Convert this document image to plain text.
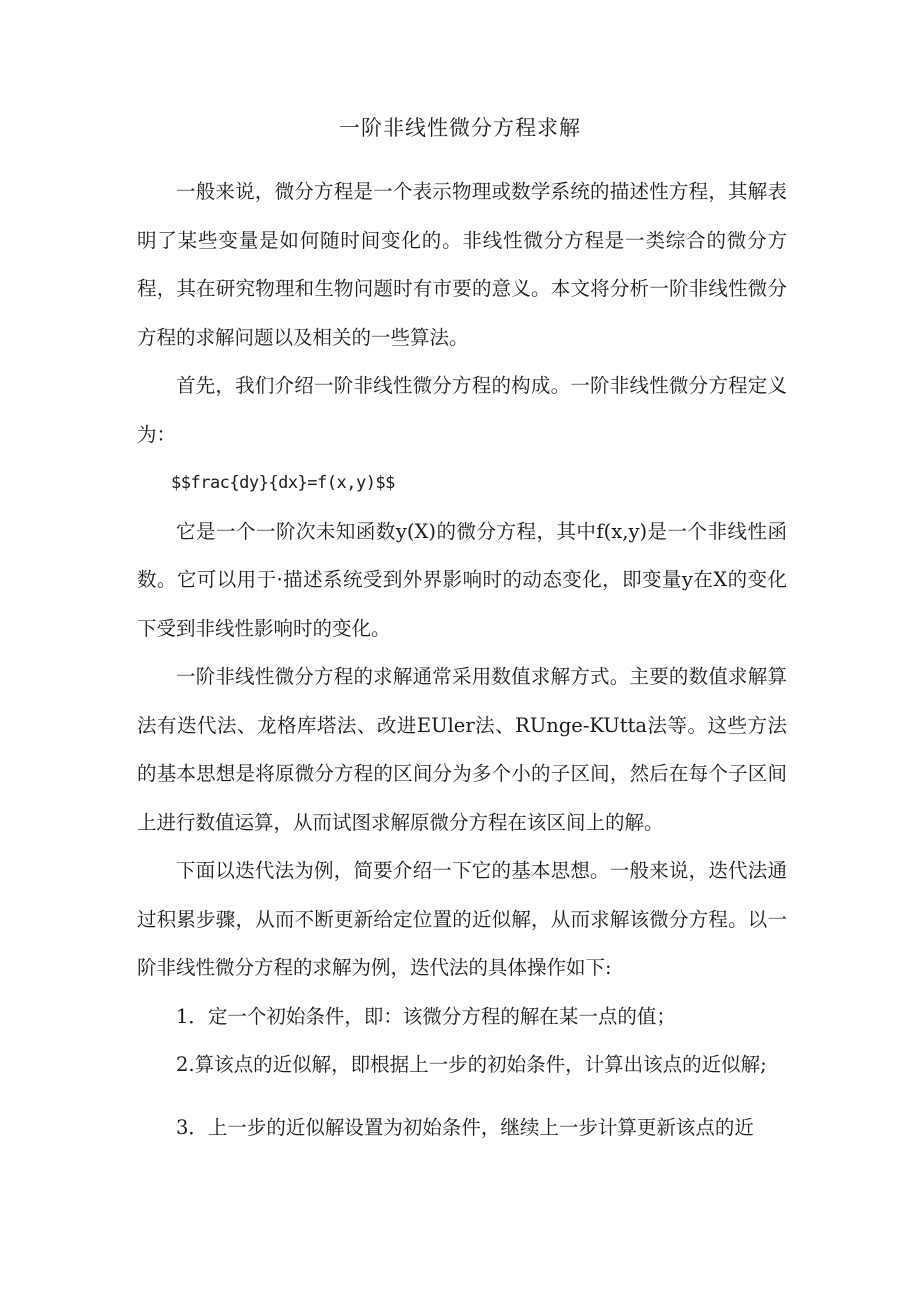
一阶非线性微分方程求解

一般来说，微分方程是一个表示物理或数学系统的描述性方程，其解表明了某些变量是如何随时间变化的。非线性微分方程是一类综合的微分方程，其在研究物理和生物问题时有市要的意义。本文将分析一阶非线性微分方程的求解问题以及相关的一些算法。

首先，我们介绍一阶非线性微分方程的构成。一阶非线性微分方程定义为：

$$frac{dy}{dx}=f(x,y)$$

它是一个一阶次未知函数y(X)的微分方程，其中f(x,y)是一个非线性函数。它可以用于·描述系统受到外界影响时的动态变化，即变量y在X的变化下受到非线性影响时的变化。

一阶非线性微分方程的求解通常采用数值求解方式。主要的数值求解算法有迭代法、龙格库塔法、改进EUler法、RUnge-KUtta法等。这些方法的基本思想是将原微分方程的区间分为多个小的子区间，然后在每个子区间上进行数值运算，从而试图求解原微分方程在该区间上的解。

下面以迭代法为例，简要介绍一下它的基本思想。一般来说，迭代法通过积累步骤，从而不断更新给定位置的近似解，从而求解该微分方程。以一阶非线性微分方程的求解为例，迭代法的具体操作如下:

1．定一个初始条件，即：该微分方程的解在某一点的值；

2.算该点的近似解，即根据上一步的初始条件，计算出该点的近似解;

3．上一步的近似解设置为初始条件，继续上一步计算更新该点的近
